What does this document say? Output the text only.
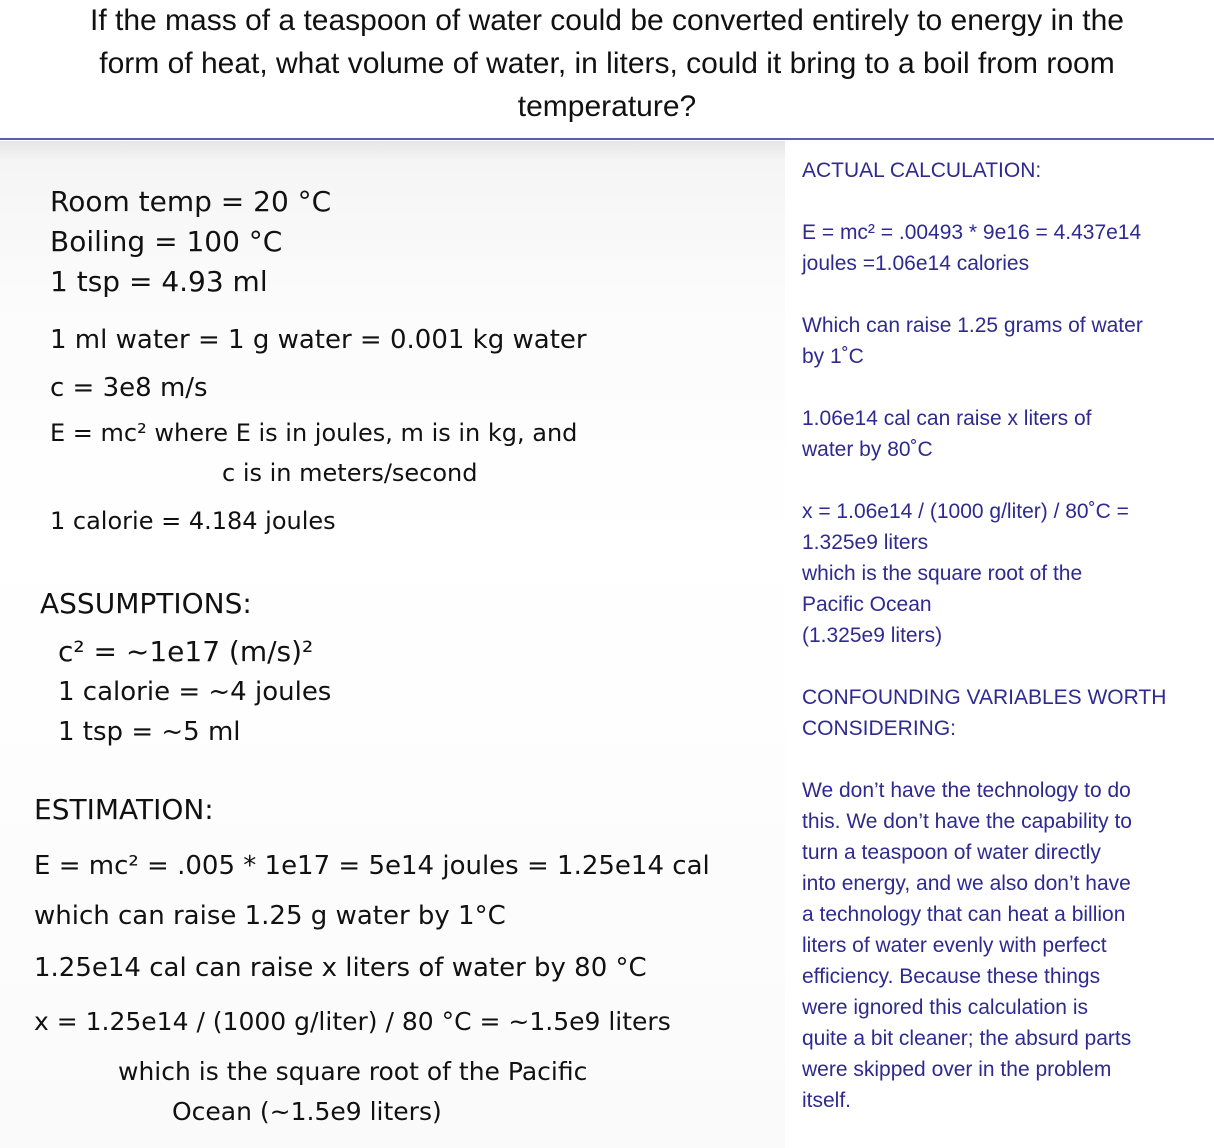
If the mass of a teaspoon of water could be converted entirely to energy in the
form of heat, what volume of water, in liters, could it bring to a boil from room
temperature?
Room temp = 20 °C
Boiling = 100 °C
1 tsp = 4.93 ml
1 ml water = 1 g water = 0.001 kg water
c = 3e8 m/s
E = mc² where E is in joules, m is in kg, and
c is in meters/second
1 calorie = 4.184 joules
ASSUMPTIONS:
c² = ~1e17 (m/s)²
1 calorie = ~4 joules
1 tsp = ~5 ml
ESTIMATION:
E = mc² = .005 * 1e17 = 5e14 joules = 1.25e14 cal
which can raise 1.25 g water by 1°C
1.25e14 cal can raise x liters of water by 80 °C
x = 1.25e14 / (1000 g/liter) / 80 °C = ~1.5e9 liters
which is the square root of the Pacific
Ocean (~1.5e9 liters)
ACTUAL CALCULATION:
E = mc² = .00493 * 9e16 = 4.437e14
joules =1.06e14 calories
Which can raise 1.25 grams of water
by 1˚C
1.06e14 cal can raise x liters of
water by 80˚C
x = 1.06e14 / (1000 g/liter) / 80˚C =
1.325e9 liters
which is the square root of the
Pacific Ocean
(1.325e9 liters)
CONFOUNDING VARIABLES WORTH
CONSIDERING:
We don’t have the technology to do
this. We don’t have the capability to
turn a teaspoon of water directly
into energy, and we also don’t have
a technology that can heat a billion
liters of water evenly with perfect
efficiency. Because these things
were ignored this calculation is
quite a bit cleaner; the absurd parts
were skipped over in the problem
itself.
